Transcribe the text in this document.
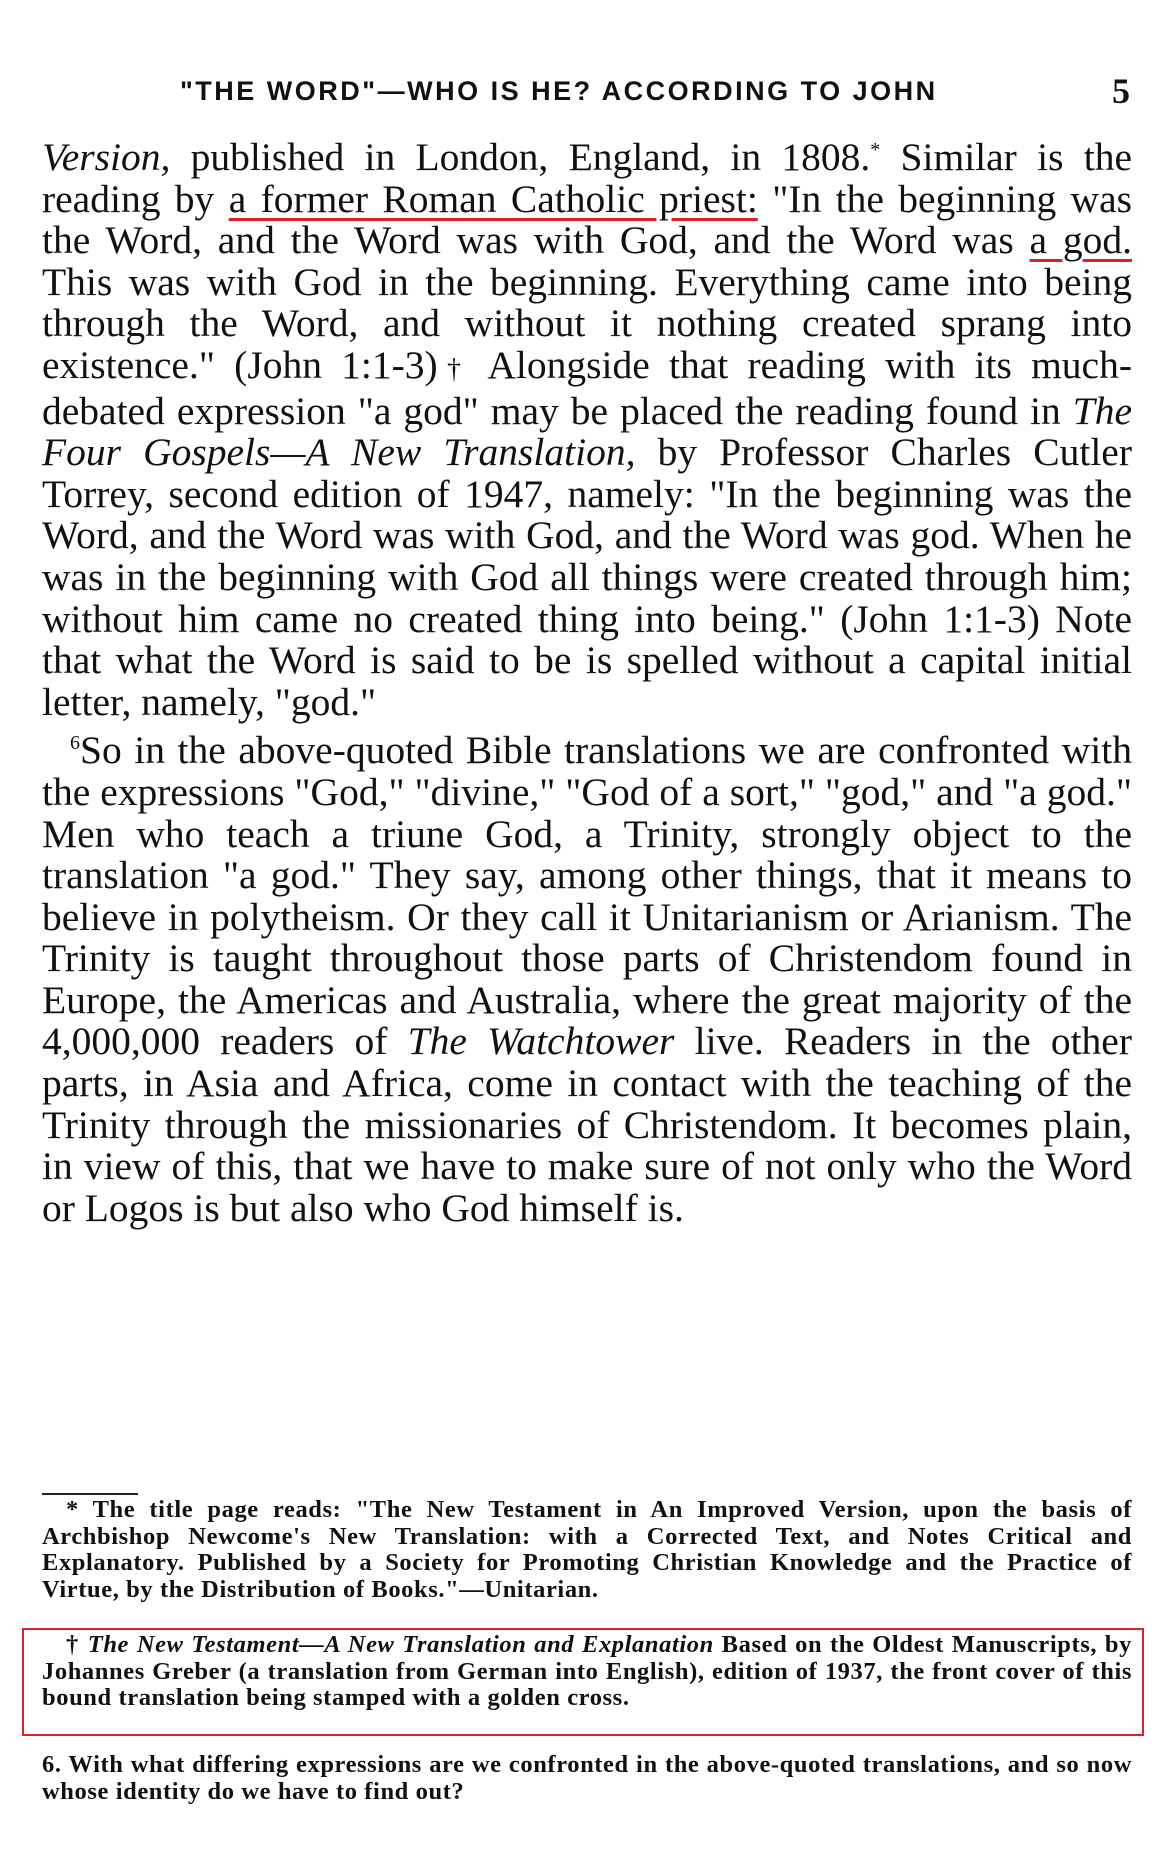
"THE WORD"—WHO IS HE? ACCORDING TO JOHN	5

Version, published in London, England, in 1808.* Similar is the reading by a former Roman Catholic priest: "In the beginning was the Word, and the Word was with God, and the Word was a god. This was with God in the beginning. Everything came into being through the Word, and without it nothing created sprang into existence." (John 1:1-3)† Alongside that reading with its much-debated expression "a god" may be placed the reading found in The Four Gospels—A New Translation, by Professor Charles Cutler Torrey, second edition of 1947, namely: "In the beginning was the Word, and the Word was with God, and the Word was god. When he was in the beginning with God all things were created through him; without him came no created thing into being." (John 1:1-3) Note that what the Word is said to be is spelled without a capital initial letter, namely, "god."

$^6$So in the above-quoted Bible translations we are confronted with the expressions "God," "divine," "God of a sort," "god," and "a god." Men who teach a triune God, a Trinity, strongly object to the translation "a god." They say, among other things, that it means to believe in polytheism. Or they call it Unitarianism or Arianism. The Trinity is taught throughout those parts of Christendom found in Europe, the Americas and Australia, where the great majority of the 4,000,000 readers of The Watchtower live. Readers in the other parts, in Asia and Africa, come in contact with the teaching of the Trinity through the missionaries of Christendom. It becomes plain, in view of this, that we have to make sure of not only who the Word or Logos is but also who God himself is.

* The title page reads: "The New Testament in An Improved Version, upon the basis of Archbishop Newcome's New Translation: with a Corrected Text, and Notes Critical and Explanatory. Published by a Society for Promoting Christian Knowledge and the Practice of Virtue, by the Distribution of Books."—Unitarian.
† The New Testament—A New Translation and Explanation Based on the Oldest Manuscripts, by Johannes Greber (a translation from German into English), edition of 1937, the front cover of this bound translation being stamped with a golden cross.
6. With what differing expressions are we confronted in the above-quoted translations, and so now whose identity do we have to find out?
